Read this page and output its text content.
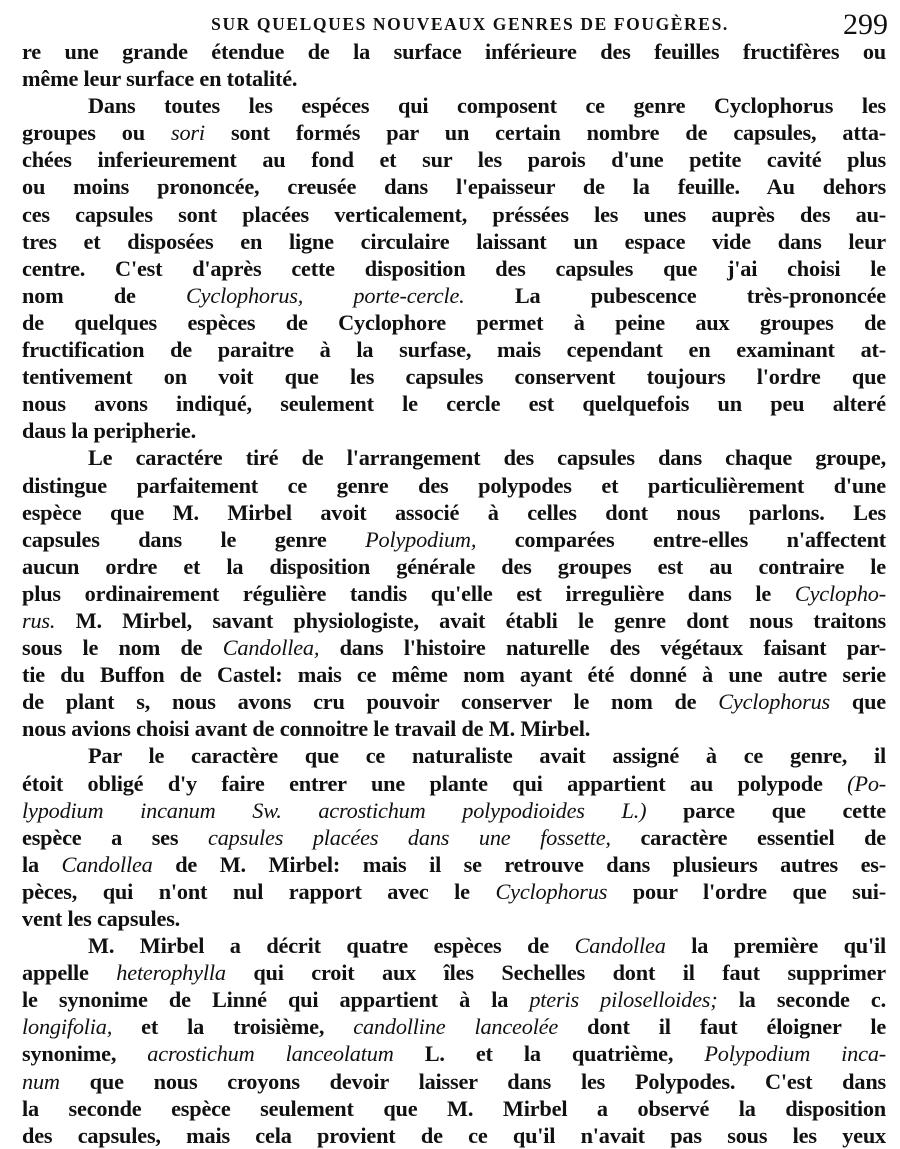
SUR QUELQUES NOUVEAUX GENRES DE FOUGÈRES.	299
re une grande étendue de la surface inférieure des feuilles fructifères ou
même leur surface en totalité.
Dans toutes les espéces qui composent ce genre Cyclophorus les
groupes ou sori sont formés par un certain nombre de capsules, atta-
chées inferieurement au fond et sur les parois d'une petite cavité plus
ou moins prononcée, creusée dans l'epaisseur de la feuille. Au dehors
ces capsules sont placées verticalement, préssées les unes auprès des au-
tres et disposées en ligne circulaire laissant un espace vide dans leur
centre. C'est d'après cette disposition des capsules que j'ai choisi le
nom de Cyclophorus, porte-cercle. La pubescence très-prononcée
de quelques espèces de Cyclophore permet à peine aux groupes de
fructification de paraitre à la surfase, mais cependant en examinant at-
tentivement on voit que les capsules conservent toujours l'ordre que
nous avons indiqué, seulement le cercle est quelquefois un peu alteré
daus la peripherie.
Le caractére tiré de l'arrangement des capsules dans chaque groupe,
distingue parfaitement ce genre des polypodes et particulièrement d'une
espèce que M. Mirbel avoit associé à celles dont nous parlons. Les
capsules dans le genre Polypodium, comparées entre-elles n'affectent
aucun ordre et la disposition générale des groupes est au contraire le
plus ordinairement régulière tandis qu'elle est irregulière dans le Cyclopho-
rus. M. Mirbel, savant physiologiste, avait établi le genre dont nous traitons
sous le nom de Candollea, dans l'histoire naturelle des végétaux faisant par-
tie du Buffon de Castel: mais ce même nom ayant été donné à une autre serie
de plant s, nous avons cru pouvoir conserver le nom de Cyclophorus que
nous avions choisi avant de connoitre le travail de M. Mirbel.
Par le caractère que ce naturaliste avait assigné à ce genre, il
étoit obligé d'y faire entrer une plante qui appartient au polypode (Po-
lypodium incanum Sw. acrostichum polypodioides L.) parce que cette
espèce a ses capsules placées dans une fossette, caractère essentiel de
la Candollea de M. Mirbel: mais il se retrouve dans plusieurs autres es-
pèces, qui n'ont nul rapport avec le Cyclophorus pour l'ordre que sui-
vent les capsules.
M. Mirbel a décrit quatre espèces de Candollea la première qu'il
appelle heterophylla qui croit aux îles Sechelles dont il faut supprimer
le synonime de Linné qui appartient à la pteris piloselloides; la seconde c.
longifolia, et la troisième, candolline lanceolée dont il faut éloigner le
synonime, acrostichum lanceolatum L. et la quatrième, Polypodium inca-
num que nous croyons devoir laisser dans les Polypodes. C'est dans
la seconde espèce seulement que M. Mirbel a observé la disposition
des capsules, mais cela provient de ce qu'il n'avait pas sous les yeux
